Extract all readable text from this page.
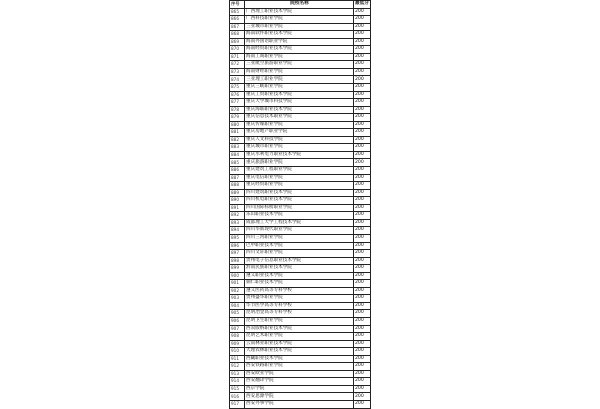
序号	院校名称	最低分
865	广西理工职业技术学院	200
866	广西科技职业学院	200
867	三亚城市职业学院	200
868	海南软件职业技术学院	200
869	海南外国语职业学院	200
870	海南经贸职业技术学院	200
871	海南工商职业学院	200
872	三亚航空旅游职业学院	200
873	海南财经职业学院	200
874	三亚理工职业学院	200
875	重庆三峡职业学院	200
876	重庆工贸职业技术学院	200
877	重庆大学城市科技学院	200
878	重庆海联职业技术学院	200
879	重庆信息技术职业学院	200
880	重庆传媒职业学院	200
881	重庆房地产职业学院	200
882	重庆人文科技学院	200
883	重庆城市职业学院	200
884	重庆水利电力职业技术学院	200
885	重庆旅游职业学院	200
886	重庆建筑工程职业学院	200
887	重庆电信职业学院	200
888	重庆经贸职业学院	200
889	四川建筑职业技术学院	200
890	四川机电职业技术学院	200
891	四川国际标榜职业学院	200
892	乐山职业技术学院	200
893	成都理工大学工程技术学院	200
894	四川华新现代职业学院	200
895	四川三河职业学院	200
896	巴中职业技术学院	200
897	四川文轩职业学院	200
898	贵州电子信息职业技术学院	200
899	黔南民族职业技术学院	200
900	遵义职业技术学院	200
901	铜仁职业技术学院	200
902	遵义医药高等专科学校	200
903	贵州盛华职业学院	200
904	毕节医学高等专科学校	200
905	昆明冶金高等专科学校	200
906	昆明卫生职业学院	200
907	西双版纳职业技术学院	200
908	昆明艺术职业学院	200
909	云南林业职业技术学院	200
910	大理农林职业技术学院	200
911	西藏职业技术学院	200
912	西安铁路职业学院	200
913	西安欧亚学院	200
914	西安翻译学院	200
915	西京学院	200
916	西安思源学院	200
917	西安外事学院	200
